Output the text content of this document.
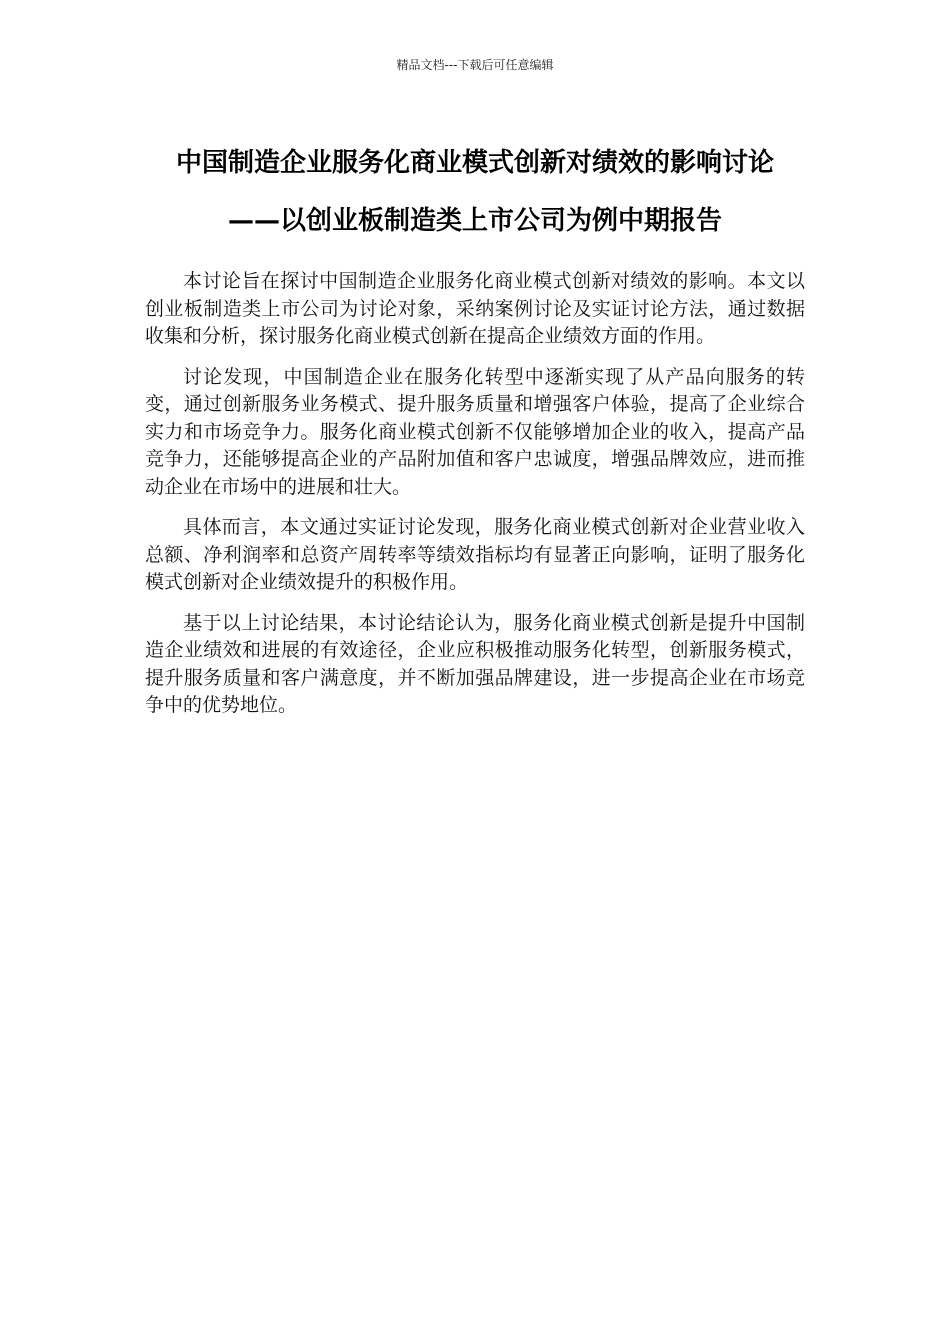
精品文档---下载后可任意编辑
中国制造企业服务化商业模式创新对绩效的影响讨论
——以创业板制造类上市公司为例中期报告

本讨论旨在探讨中国制造企业服务化商业模式创新对绩效的影响。本文以创业板制造类上市公司为讨论对象，采纳案例讨论及实证讨论方法，通过数据收集和分析，探讨服务化商业模式创新在提高企业绩效方面的作用。

讨论发现，中国制造企业在服务化转型中逐渐实现了从产品向服务的转变，通过创新服务业务模式、提升服务质量和增强客户体验，提高了企业综合实力和市场竞争力。服务化商业模式创新不仅能够增加企业的收入，提高产品竞争力，还能够提高企业的产品附加值和客户忠诚度，增强品牌效应，进而推动企业在市场中的进展和壮大。

具体而言，本文通过实证讨论发现，服务化商业模式创新对企业营业收入总额、净利润率和总资产周转率等绩效指标均有显著正向影响，证明了服务化模式创新对企业绩效提升的积极作用。

基于以上讨论结果，本讨论结论认为，服务化商业模式创新是提升中国制造企业绩效和进展的有效途径，企业应积极推动服务化转型，创新服务模式，提升服务质量和客户满意度，并不断加强品牌建设，进一步提高企业在市场竞争中的优势地位。
